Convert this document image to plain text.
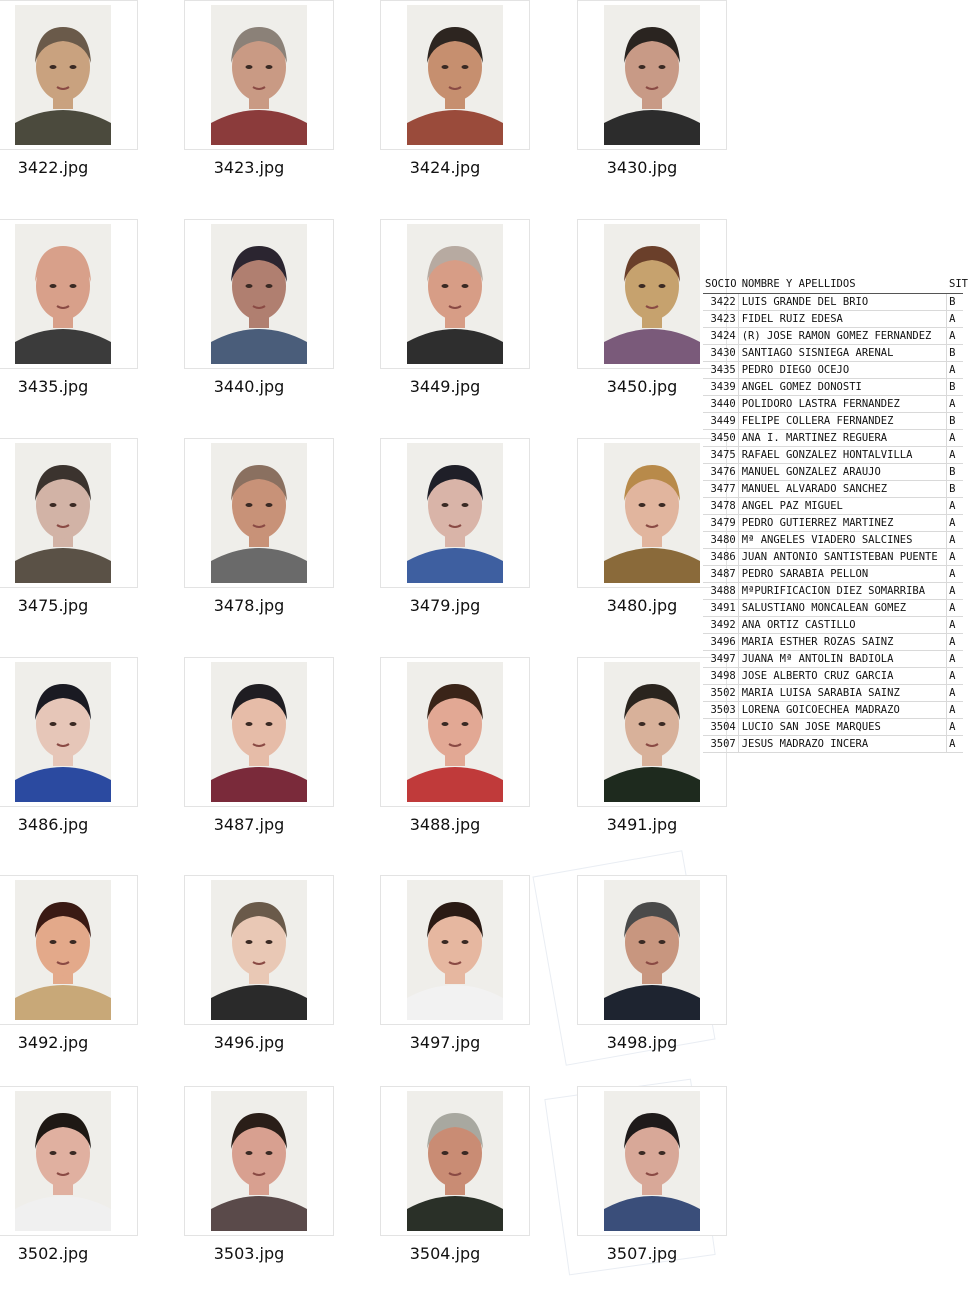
3422.jpg	3423.jpg	3424.jpg	3430.jpg
3435.jpg	3440.jpg	3449.jpg	3450.jpg
3475.jpg	3478.jpg	3479.jpg	3480.jpg
3486.jpg	3487.jpg	3488.jpg	3491.jpg
3492.jpg	3496.jpg	3497.jpg	3498.jpg
3502.jpg	3503.jpg	3504.jpg	3507.jpg
SOCIO NOMBRE Y APELLIDOS	SIT
3422 LUIS GRANDE DEL BRIO	B
3423 FIDEL RUIZ EDESA	A
3424 (R) JOSE RAMON GOMEZ FERNANDEZ	A
3430 SANTIAGO SISNIEGA ARENAL	B
3435 PEDRO DIEGO OCEJO	A
3439 ANGEL GOMEZ DONOSTI	B
3440 POLIDORO LASTRA FERNANDEZ	A
3449 FELIPE COLLERA FERNANDEZ	B
3450 ANA I. MARTINEZ REGUERA	A
3475 RAFAEL GONZALEZ HONTALVILLA	A
3476 MANUEL GONZALEZ ARAUJO	B
3477 MANUEL ALVARADO SANCHEZ	B
3478 ANGEL PAZ MIGUEL	A
3479 PEDRO GUTIERREZ MARTINEZ	A
3480 Mª ANGELES VIADERO SALCINES	A
3486 JUAN ANTONIO SANTISTEBAN PUENTE	A
3487 PEDRO SARABIA PELLON	A
3488 MªPURIFICACION DIEZ SOMARRIBA	A
3491 SALUSTIANO MONCALEAN GOMEZ	A
3492 ANA ORTIZ CASTILLO	A
3496 MARIA ESTHER ROZAS SAINZ	A
3497 JUANA Mª ANTOLIN BADIOLA	A
3498 JOSE ALBERTO CRUZ GARCIA	A
3502 MARIA LUISA SARABIA SAINZ	A
3503 LORENA GOICOECHEA MADRAZO	A
3504 LUCIO SAN JOSE MARQUES	A
3507 JESUS MADRAZO INCERA	A
